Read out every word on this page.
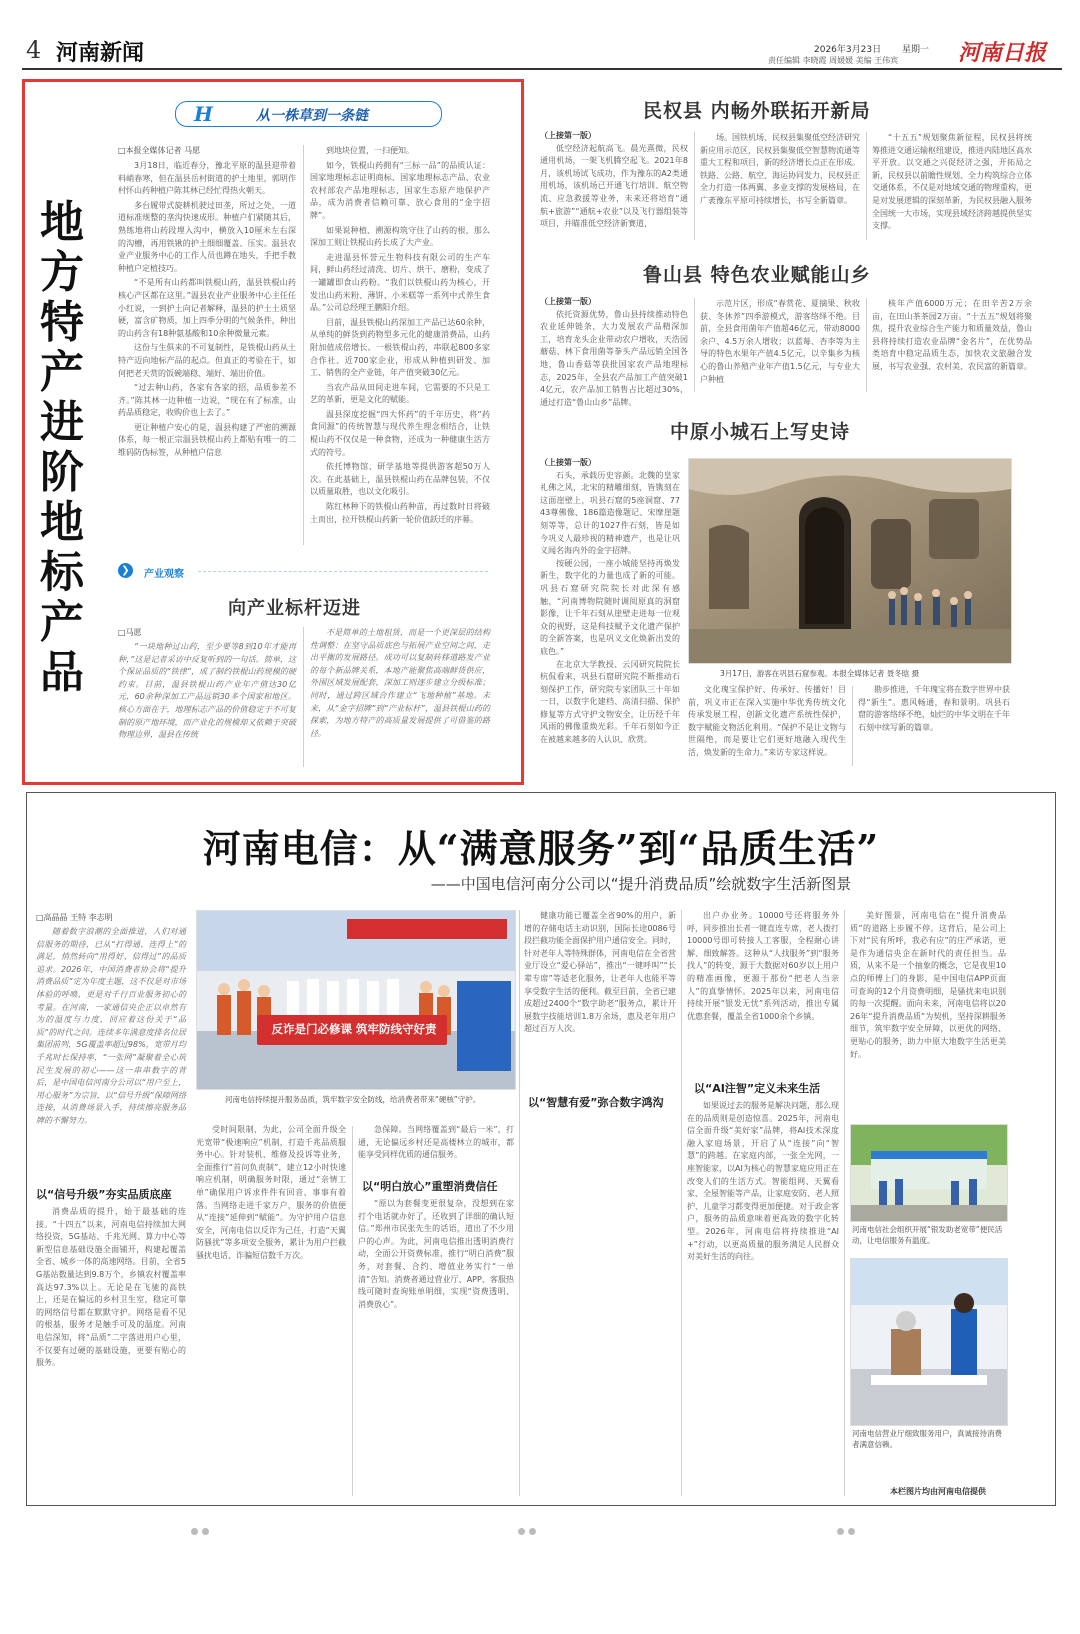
4 河南新闻	2026年3月23日 星期一
责任编辑 李晓霞 周媛媛 美编 王伟宾	河南日报
H	从一株草到一条链
□本报全媒体记者 马愿
地方特产进阶地标产品

3月18日，临近春分，豫北平原的温县迎带着料峭春寒，但在温县岳村街道的护土地里，郭明作村怀山药种植户陈其林已经忙得热火朝天。

多台履带式旋耕机驶过田垄，所过之处，一道道标准规整的垄沟快速成形。种植户们紧随其后，熟练地将山药段埋入沟中，横放入10厘米左右深的沟槽，再用铁锹的护土细细覆盖、压实。温县农业产业服务中心的工作人员也蹲在地头，手把手教种植户定植技巧。

“不是所有山药都叫铁棍山药，温县铁棍山药核心产区都在这里。”温县农业产业服务中心主任任小红说，一到护土向记者解释，温县的护土土质坚硬，富含矿物质，加上四季分明的气候条件，种出的山药含有18种氨基酸和10余种微量元素。

这份与生俱来的不可复制性，是铁棍山药从土特产迈向地标产品的起点。但真正的考验在于，如何把老天赏的饭碗端稳、端好、端出价值。

“过去种山药，各家有各家的招，品质参差不齐。”陈其林一边种植一边说，“现在有了标准，山药品质稳定，收购价也上去了。”

更让种植户安心的是，温县构建了严密的溯源体系，每一根正宗温县铁棍山药上都贴有唯一的二维码防伪标签，从种植户信息

到地块位置，一扫便知。

如今，铁棍山药拥有“三标一品”的品质认证：国家地理标志证明商标、国家地理标志产品、农业农村部农产品地理标志，国家生态原产地保护产品，成为消费者信赖可靠、放心食用的“金字招牌”。

如果说种植、溯源构筑守住了山药的根，那么深加工则让铁棍山药长成了大产业。

走进温县怀誉元生物科技有限公司的生产车间，鲜山药经过清洗、切片、烘干、磨粉，变成了一罐罐即食山药粉。“我们以铁棍山药为核心，开发出山药米粉、薄饼、小米糕等一系列中式养生食品。”公司总经理王鹏阳介绍。

目前，温县铁棍山药深加工产品已达60余种，从单纯的鲜货到药物型多元化的健康消费品，山药附加值成倍增长。一根铁棍山药，串联起800多家合作社、近700家企业，形成从种植到研发、加工、销售的全产业链，年产值突破30亿元。

当农产品从田间走进车间，它需要的不只是工艺的革新，更是文化的赋能。

温县深度挖掘“四大怀药”的千年历史，将“药食同源”的传统智慧与现代养生理念相结合，让铁棍山药不仅仅是一种食物，还成为一种健康生活方式的符号。

依托博物馆、研学基地等提供游客超50万人次。在此基础上，温县铁棍山药在品牌包装，不仅以质量取胜，也以文化吸引。

陈红林种下的铁棍山药种苗，再过数时日将破土而出，拉开铁棍山药新一轮价值跃迁的序幕。

❯	产业观察
向产业标杆迈进
□马愿
“一块地种过山药，至少要等8到10年才能再种，”这是记者采访中反复听到的一句话。简单，这个保证品质的“铁律”，成了制约铁棍山药规模的硬约束。目前，温县铁棍山药产业年产值达30亿元，60余种深加工产品远销30多个国家和地区。核心方面在于，地理标志产品的价值稳定于不可复制的原产地环境，而产业化的规模却又依赖于突破物理边界，温县在传统
不是简单的土地租赁，而是一个更深层的结构性调整：在坚守品质底色与拓展产业空间之间，走出平衡的发展路径。成功可以复制转移道路发产业的每个新品牌关系，本地产能聚焦高端鲜货供应，外围区域发展配套，深加工则逐步建立分级标准；同时，通过跨区域合作建立“飞地种植”基地。未来，从“金字招牌”到“产业标杆”，温县铁棍山药的探索，为地方特产的高质量发展提供了可借鉴的路径。
民权县 内畅外联拓开新局
（上接第一版）
低空经济起航高飞。晨光熹微，民权通用机场，一架飞机腾空起飞。2021年8月，该机场试飞成功，作为豫东的A2类通用机场，该机场已开通飞行培训、航空物流、应急救援等业务，未来还将培育“通航+旅游”“通航+农业”以及飞行器组装等项目，并瞄准低空经济新赛道，
场。国铁机场、民权县集聚低空经济研究新应用示范区，民权县集聚低空智慧物流通等重大工程和项目，新的经济增长点正在形成。铁路、公路、航空、海运协同发力，民权县正全力打造一体两翼、多业支撑的发展格局，在广袤豫东平原可持续增长，书写全新篇章。
“十五五”规划聚焦新征程，民权县将统筹推进交通运输枢纽建设，推进内陆地区高水平开放。以交通之兴促经济之强，开拓局之新，民权县以前瞻性规划、全力构筑综合立体交通体系，不仅是对地域交通的物理重构，更是对发展逻辑的深刻革新，为民权县融入服务全国统一大市场，实现县域经济跨越提供坚实支撑。
鲁山县 特色农业赋能山乡
（上接第一版）
依托资源优势，鲁山县持续推动特色农业延伸链条，大力发展农产品精深加工，培育龙头企业带动农户增收，天浩园蘑菇、林下食用菌等拳头产品远销全国各地，鲁山香菇等获批国家农产品地理标志，2025年，全县农产品加工产值突破14亿元，农产品加工销售占比超过30%，通过打造“鲁山山乡”品牌。
示范片区，形成“春赏花、夏摘果、秋收获、冬休养”四季游模式，游客络绎不绝。目前，全县食用菌年产值超46亿元，带动8000余户、4.5万余人增收；以蓝莓、杏李等为主导的特色水果年产值4.5亿元，以辛集乡为核心的鲁山养殖产业年产值1.5亿元，与专业大户种植
核年产值6000万元；在田辛苦2万余亩，在田山茶茶园2万亩。“十五五”规划将聚焦，提升农业综合生产能力和质量效益，鲁山县将持续打造农业品牌“金名片”，在优势品类培育中稳定品质生态，加快农文旅融合发展，书写农业强、农村美、农民富的新篇章。
中原小城石上写史诗
（上接第一版）
石头，承载历史容颜。北魏的皇家礼佛之风，北宋的精雕细刻，皆镌刻在这面崖壁上，巩县石窟的5座洞窟、7743尊佛像、186篇造像题记、宋摩崖题刻等等，总计的1027件石刻，皆是如今巩义人最珍视的精神遗产，也是让巩义闻名海内外的金字招牌。
按硬公园，一座小城能坚持再焕发新生，数字化的力量也成了新的可能。巩县石窟研究院院长对此深有感触，“河南博物院随时调阅原真的洞窟影像，让千年石刻从崖壁走进每一位观众的视野，这是科技赋予文化遗产保护的全新答案，也是巩义文化焕新出发的底色。”
在北京大学教授、云冈研究院院长杭侃看来，巩县石窟研究院不断推动石刻保护工作，研究院专家团队三十年如一日，以数字化建档、高清扫描、保护修复等方式守护文物安全，让历经千年风雨的佛像重焕光彩。千年石刻如今正在被越来越多的人认识、欣赏。
3月17日，游客在巩县石窟参观。本报全媒体记者 聂冬晗 摄
文化瑰宝保护好、传承好、传播好！目前，巩义市正在深入实施中华优秀传统文化传承发展工程，创新文化遗产系统性保护，数字赋能文物活化利用。“保护不是让文物与世隔绝，而是要让它们更好地融入现代生活，焕发新的生命力。”来访专家这样说。
勘步推进，千年瑰宝将在数字世界中获得“新生”。惠风畅通，春和景明。巩县石窟的游客络绎不绝，灿烂的中华文明在千年石刻中续写新的篇章。
河南电信：从“满意服务”到“品质生活”
——中国电信河南分公司以“提升消费品质”绘就数字生活新图景
□高晶晶 王特 李志明
随着数字浪潮的全面推进，人们对通信服务的期待，已从“打得通、连得上”的满足，悄然转向“用得好、信得过”的品质追求。2026年，中国消费者协会将“提升消费品质”定为年度主题，这不仅是对市场体验的呼唤，更是对千行百业服务初心的考量。在河南，一家通信央企正以卓然有为的温度与力度，回应着这份关于“品质”的时代之问。连续多年满意度排名位居集团前列，5G覆盖率超过98%，宽带月均千兆时长保持率，“一张网”凝聚着全心筑民生发展的初心——这一串串数字的背后，是中国电信河南分公司以“用户至上，用心服务”为宗旨，以“信号升级”保障网络连接，从消费场景入手，持续擦亮服务品牌的不懈努力。
以“信号升级”夯实品质底座
消费品质的提升，始于最基础的连接。“十四五”以来，河南电信持续加大网络投资，5G基站、千兆光网、算力中心等新型信息基础设施全面铺开，构建起覆盖全省、城乡一体的高速网络。目前，全省5G基站数量达到9.8万个，乡镇农村覆盖率高达97.3%以上。无论是在飞驰的高铁上，还是在偏远的乡村卫生室，稳定可靠的网络信号都在默默守护。网络是看不见的根基，服务才是触手可及的温度。河南电信深知，将“品质”二字落进用户心里，不仅要有过硬的基础设施，更要有贴心的服务。
反诈是门必修课 筑牢防线守好责
河南电信持续提升服务品质，筑牢数字安全防线，给消费者带来“硬核”守护。
受时间限制，为此，公司全面升级全光宽带“极速响应”机制，打造千兆品质服务中心。针对装机、维修及投诉等业务，全面推行“首问负责制”，建立12小时快速响应机制，明确服务时限，通过“亲情工单”确保用户诉求件件有回音、事事有着落。当网络走进千家万户，服务的价值便从“连接”延伸到“赋能”。为守护用户信息安全，河南电信以反诈为己任，打造“天翼防骚扰”等多项安全服务，累计为用户拦截骚扰电话、诈骗短信数千万次。
急保障。当网络覆盖到“最后一米”，打通，无论偏远乡村还是高楼林立的城市，都能享受同样优质的通信服务。
以“明白放心”重塑消费信任
“原以为套餐变更很复杂，没想到在家打个电话就办好了，还收到了详细的确认短信。”郑州市民张先生的话语，道出了不少用户的心声。为此，河南电信推出透明消费行动，全面公开资费标准，推行“明白消费”服务，对套餐、合约、增值业务实行“一单清”告知。消费者通过营业厅、APP、客服热线可随时查询账单明细，实现“资费透明、消费放心”。
健康功能已覆盖全省90%的用户，新增的存储电话主动识别，国际长途0086号段拦截功能全面保护用户通信安全。同时，针对老年人等特殊群体，河南电信在全省营业厅设立“爱心驿站”，推出“一键呼叫”“长辈专席”等适老化服务，让老年人也能平等享受数字生活的便利。截至目前，全省已建成超过2400个“数字助老”服务点，累计开展数字技能培训1.8万余场，惠及老年用户超过百万人次。
以“智慧有爱”弥合数字鸿沟
出户办业务。10000号还将服务外呼，同步推出长者一键直连专席，老人拨打10000号即可转接人工客服，全程耐心讲解、细致解答。这种从“人找服务”到“服务找人”的转变，源于大数据对60岁以上用户的精准画像，更源于那份“把老人当亲人”的真挚情怀。2025年以来，河南电信持续开展“银发无忧”系列活动，推出专属优惠套餐，覆盖全省1000余个乡镇。
以“AI注智”定义未来生活
如果说过去的服务是解决问题，那么现在的品质则是创造惊喜。2025年，河南电信全面升级“美好家”品牌，将AI技术深度融入家庭场景，开启了从“连接”向“智慧”的跨越。在家庭内部，一张全光网，一座智能家，以AI为核心的智慧家庭应用正在改变人们的生活方式。智能组网、天翼看家、全屋智能等产品，让家庭安防、老人照护、儿童学习都变得更加便捷。对于政企客户，服务的品质意味着更高效的数字化转型。2026年，河南电信将持续推进“AI+”行动，以更高质量的服务满足人民群众对美好生活的向往。
美好图景，河南电信在“提升消费品质”的道路上步履不停。这背后，是公司上下对“民有所呼，我必有应”的庄严承诺，更是作为通信央企在新时代的责任担当。品质，从来不是一个抽象的概念，它是夜里10点的师傅上门的身影，是中国电信APP页面可查询的12个月资费明细，是骚扰来电识别的每一次提醒。面向未来，河南电信将以2026年“提升消费品质”为契机，坚持深耕服务细节，筑牢数字安全屏障，以更优的网络、更贴心的服务，助力中原大地数字生活更美好。
河南电信社会组织开展“银发助老宽带”便民活动，让电信服务有温度。
河南电信营业厅细致服务用户，真诚接待消费者满意信赖。
本栏图片均由河南电信提供
